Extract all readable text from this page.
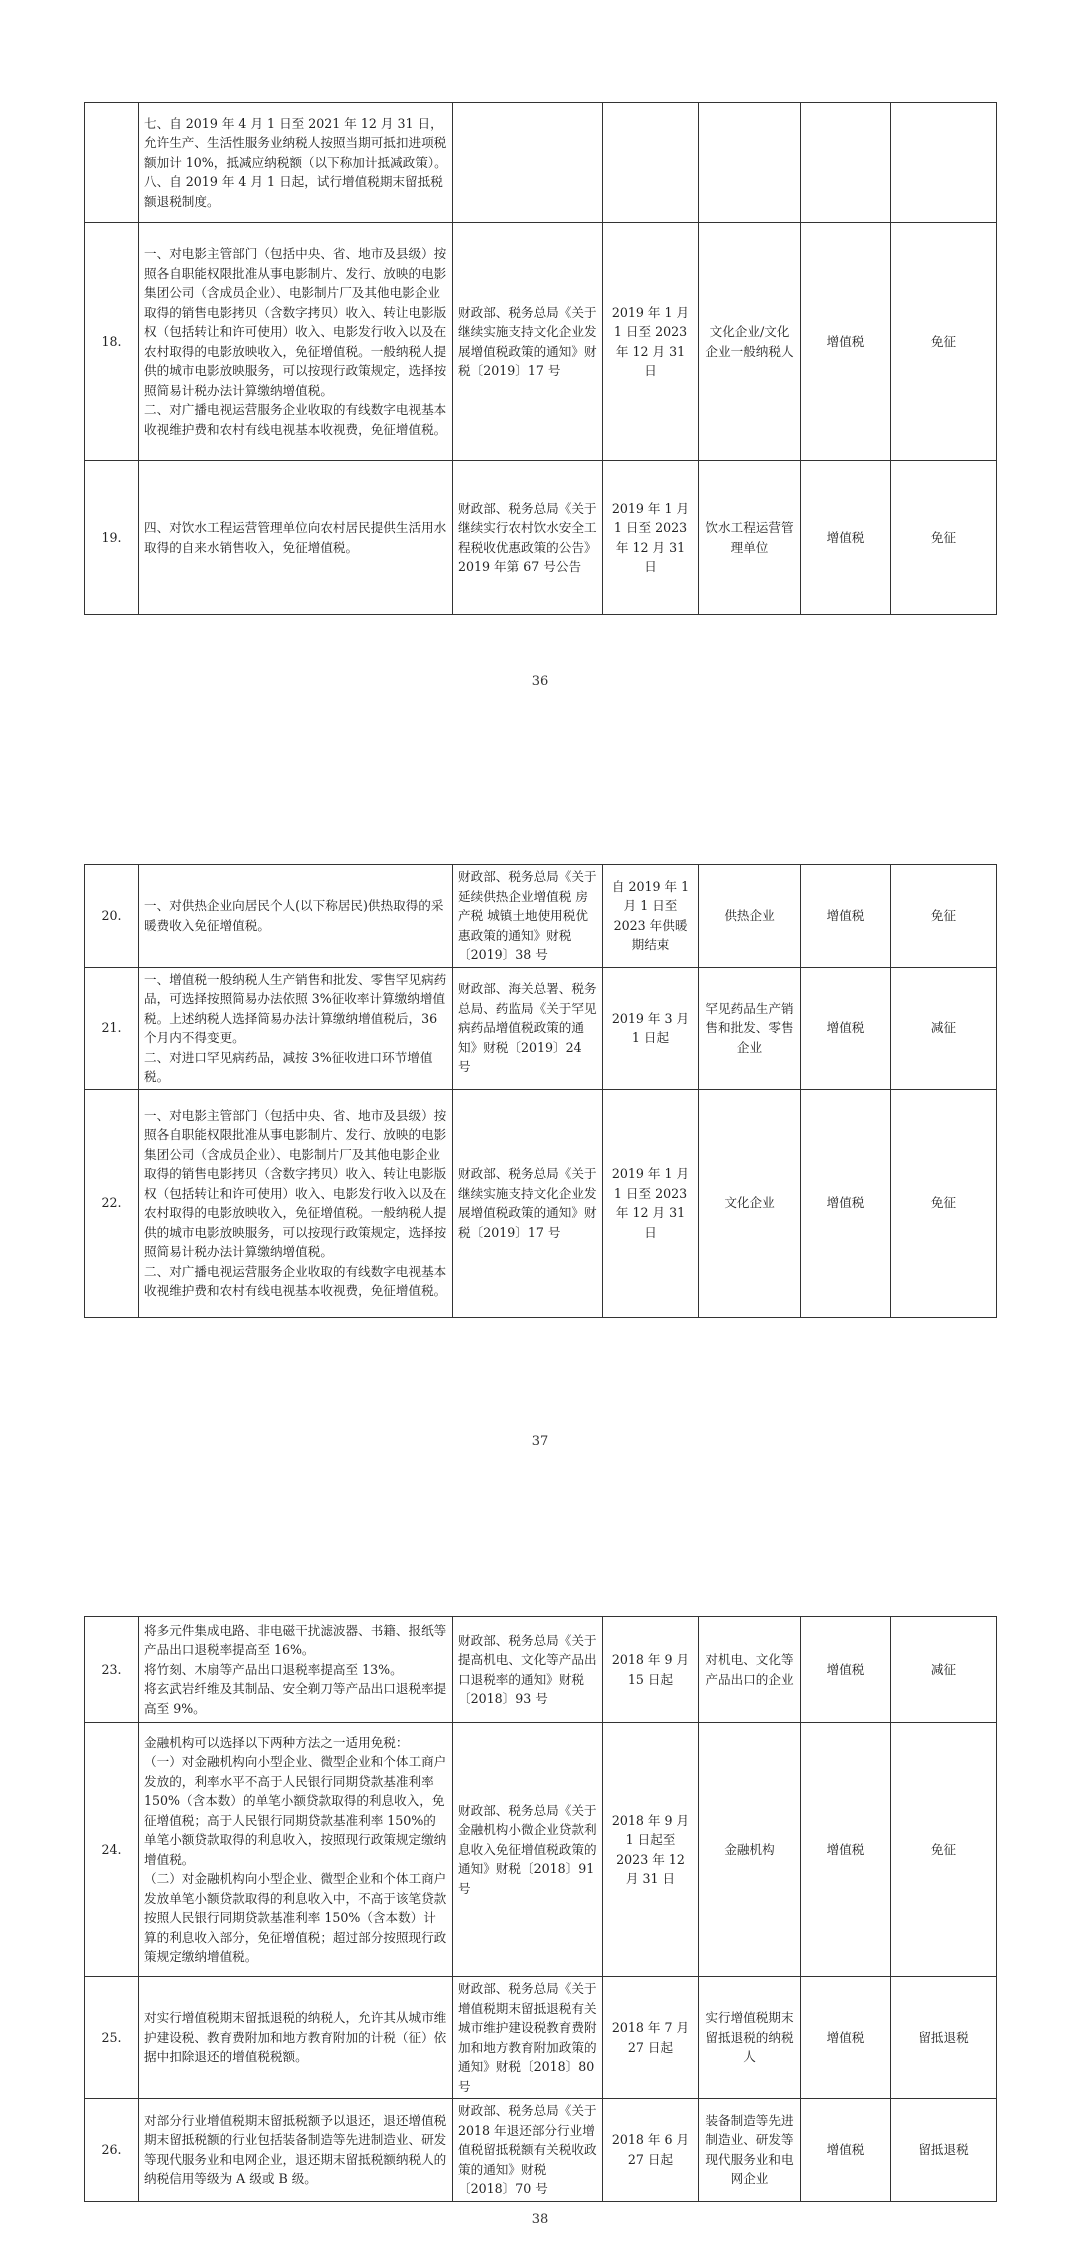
	七、自 2019 年 4 月 1 日至 2021 年 12 月 31 日，允许生产、生活性服务业纳税人按照当期可抵扣进项税额加计 10%，抵减应纳税额（以下称加计抵减政策）。
八、自 2019 年 4 月 1 日起，试行增值税期末留抵税额退税制度。					

18.	一、对电影主管部门（包括中央、省、地市及县级）按照各自职能权限批准从事电影制片、发行、放映的电影集团公司（含成员企业）、电影制片厂及其他电影企业取得的销售电影拷贝（含数字拷贝）收入、转让电影版权（包括转让和许可使用）收入、电影发行收入以及在农村取得的电影放映收入，免征增值税。一般纳税人提供的城市电影放映服务，可以按现行政策规定，选择按照简易计税办法计算缴纳增值税。
二、对广播电视运营服务企业收取的有线数字电视基本收视维护费和农村有线电视基本收视费，免征增值税。	财政部、税务总局《关于继续实施支持文化企业发展增值税政策的通知》财税〔2019〕17 号	2019 年 1 月 1 日至 2023 年 12 月 31 日	文化企业/文化企业一般纳税人	增值税	免征
19.	四、对饮水工程运营管理单位向农村居民提供生活用水取得的自来水销售收入，免征增值税。	财政部、税务总局《关于继续实行农村饮水安全工程税收优惠政策的公告》2019 年第 67 号公告	2019 年 1 月 1 日至 2023 年 12 月 31 日	饮水工程运营管理单位	增值税	免征
36
20.	一、对供热企业向居民个人(以下称居民)供热取得的采暖费收入免征增值税。	财政部、税务总局《关于延续供热企业增值税 房产税 城镇土地使用税优惠政策的通知》财税〔2019〕38 号	自 2019 年 1 月 1 日至 2023 年供暖期结束	供热企业	增值税	免征
21.	一、增值税一般纳税人生产销售和批发、零售罕见病药品，可选择按照简易办法依照 3%征收率计算缴纳增值税。上述纳税人选择简易办法计算缴纳增值税后，36 个月内不得变更。
二、对进口罕见病药品，减按 3%征收进口环节增值税。	财政部、海关总署、税务总局、药监局《关于罕见病药品增值税政策的通知》财税〔2019〕24 号	2019 年 3 月 1 日起	罕见药品生产销售和批发、零售企业	增值税	减征
22.	一、对电影主管部门（包括中央、省、地市及县级）按照各自职能权限批准从事电影制片、发行、放映的电影集团公司（含成员企业）、电影制片厂及其他电影企业取得的销售电影拷贝（含数字拷贝）收入、转让电影版权（包括转让和许可使用）收入、电影发行收入以及在农村取得的电影放映收入，免征增值税。一般纳税人提供的城市电影放映服务，可以按现行政策规定，选择按照简易计税办法计算缴纳增值税。
二、对广播电视运营服务企业收取的有线数字电视基本收视维护费和农村有线电视基本收视费，免征增值税。	财政部、税务总局《关于继续实施支持文化企业发展增值税政策的通知》财税〔2019〕17 号	2019 年 1 月 1 日至 2023 年 12 月 31 日	文化企业	增值税	免征
37
23.	将多元件集成电路、非电磁干扰滤波器、书籍、报纸等产品出口退税率提高至 16%。
将竹刻、木扇等产品出口退税率提高至 13%。
将玄武岩纤维及其制品、安全剃刀等产品出口退税率提高至 9%。	财政部、税务总局《关于提高机电、文化等产品出口退税率的通知》财税〔2018〕93 号	2018 年 9 月 15 日起	对机电、文化等产品出口的企业	增值税	减征
24.	金融机构可以选择以下两种方法之一适用免税：
（一）对金融机构向小型企业、微型企业和个体工商户发放的，利率水平不高于人民银行同期贷款基准利率 150%（含本数）的单笔小额贷款取得的利息收入，免征增值税；高于人民银行同期贷款基准利率 150%的单笔小额贷款取得的利息收入，按照现行政策规定缴纳增值税。
（二）对金融机构向小型企业、微型企业和个体工商户发放单笔小额贷款取得的利息收入中，不高于该笔贷款按照人民银行同期贷款基准利率 150%（含本数）计算的利息收入部分，免征增值税；超过部分按照现行政策规定缴纳增值税。	财政部、税务总局《关于金融机构小微企业贷款利息收入免征增值税政策的通知》财税〔2018〕91 号	2018 年 9 月 1 日起至 2023 年 12 月 31 日	金融机构	增值税	免征
25.	对实行增值税期末留抵退税的纳税人，允许其从城市维护建设税、教育费附加和地方教育附加的计税（征）依据中扣除退还的增值税税额。	财政部、税务总局《关于增值税期末留抵退税有关城市维护建设税教育费附加和地方教育附加政策的通知》财税〔2018〕80 号	2018 年 7 月 27 日起	实行增值税期末留抵退税的纳税人	增值税	留抵退税
26.	对部分行业增值税期末留抵税额予以退还，退还增值税期末留抵税额的行业包括装备制造等先进制造业、研发等现代服务业和电网企业，退还期末留抵税额纳税人的纳税信用等级为 A 级或 B 级。	财政部、税务总局《关于 2018 年退还部分行业增值税留抵税额有关税收政策的通知》财税〔2018〕70 号	2018 年 6 月 27 日起	装备制造等先进制造业、研发等现代服务业和电网企业	增值税	留抵退税
38
